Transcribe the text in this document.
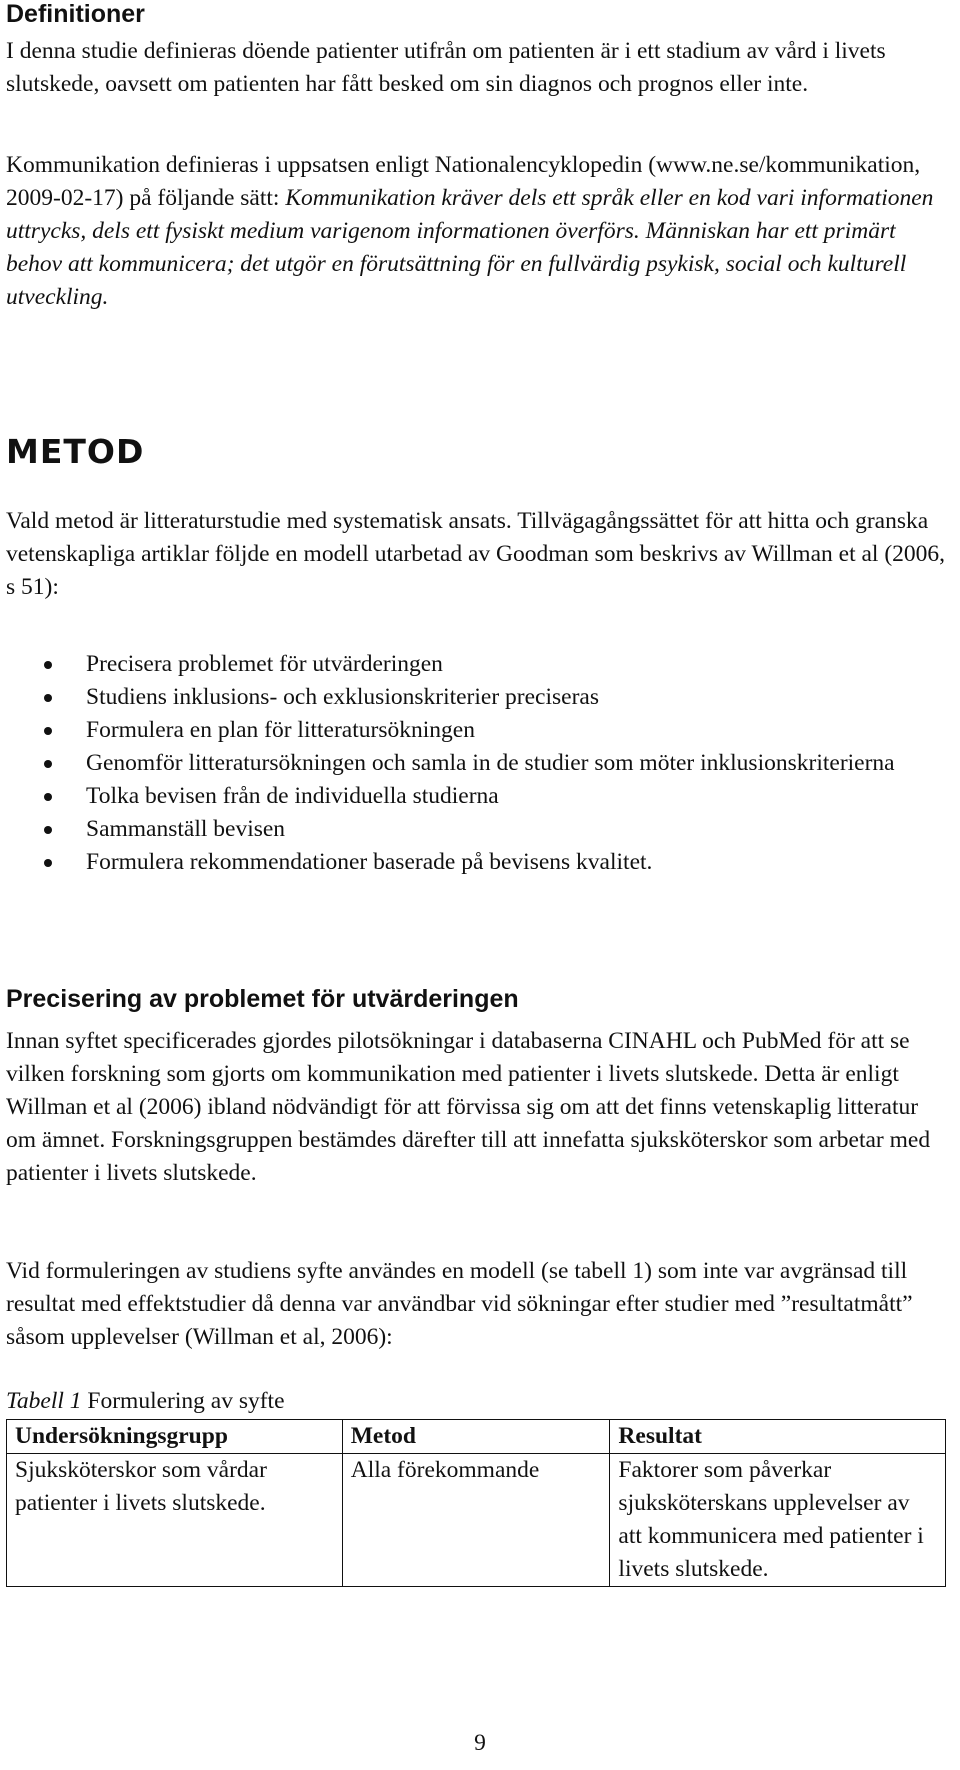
Definitioner

I denna studie definieras döende patienter utifrån om patienten är i ett stadium av vård i livets slutskede, oavsett om patienten har fått besked om sin diagnos och prognos eller inte.

Kommunikation definieras i uppsatsen enligt Nationalencyklopedin (www.ne.se/kommunikation, 2009-02-17) på följande sätt: Kommunikation kräver dels ett språk eller en kod vari informationen uttrycks, dels ett fysiskt medium varigenom informationen överförs. Människan har ett primärt behov att kommunicera; det utgör en förutsättning för en fullvärdig psykisk, social och kulturell utveckling.

METOD

Vald metod är litteraturstudie med systematisk ansats. Tillvägagångssättet för att hitta och granska vetenskapliga artiklar följde en modell utarbetad av Goodman som beskrivs av Willman et al (2006, s 51):

Precisera problemet för utvärderingen
Studiens inklusions- och exklusionskriterier preciseras
Formulera en plan för litteratursökningen
Genomför litteratursökningen och samla in de studier som möter inklusionskriterierna
Tolka bevisen från de individuella studierna
Sammanställ bevisen
Formulera rekommendationer baserade på bevisens kvalitet.
Precisering av problemet för utvärderingen

Innan syftet specificerades gjordes pilotsökningar i databaserna CINAHL och PubMed för att se vilken forskning som gjorts om kommunikation med patienter i livets slutskede. Detta är enligt Willman et al (2006) ibland nödvändigt för att förvissa sig om att det finns vetenskaplig litteratur om ämnet. Forskningsgruppen bestämdes därefter till att innefatta sjuksköterskor som arbetar med patienter i livets slutskede.

Vid formuleringen av studiens syfte användes en modell (se tabell 1) som inte var avgränsad till resultat med effektstudier då denna var användbar vid sökningar efter studier med ”resultatmått” såsom upplevelser (Willman et al, 2006):

Tabell 1 Formulering av syfte

Undersökningsgrupp	Metod	Resultat
Sjuksköterskor som vårdar patienter i livets slutskede.	Alla förekommande	Faktorer som påverkar sjuksköterskans upplevelser av att kommunicera med patienter i livets slutskede.
9
